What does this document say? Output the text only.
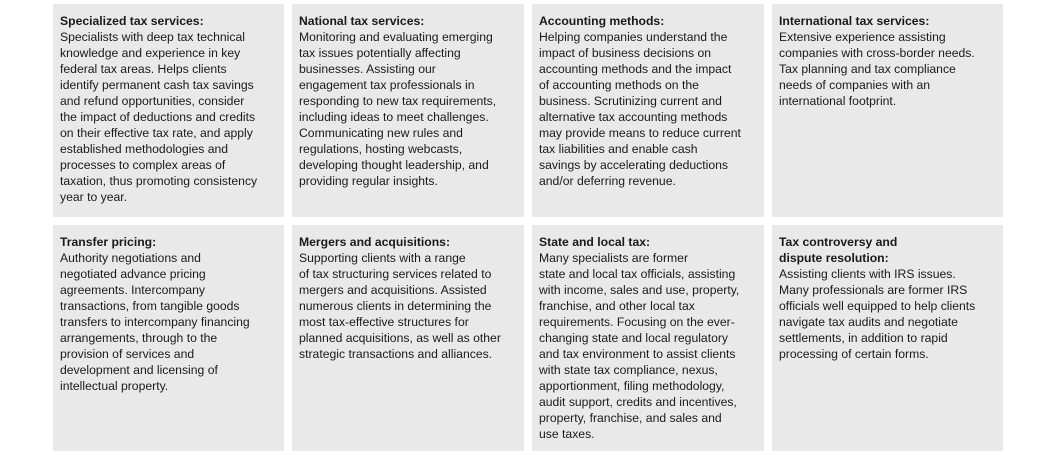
Specialized tax services:
Specialists with deep tax technical
knowledge and experience in key
federal tax areas. Helps clients
identify permanent cash tax savings
and refund opportunities, consider
the impact of deductions and credits
on their effective tax rate, and apply
established methodologies and
processes to complex areas of
taxation, thus promoting consistency
year to year.
National tax services:
Monitoring and evaluating emerging
tax issues potentially affecting
businesses. Assisting our
engagement tax professionals in
responding to new tax requirements,
including ideas to meet challenges.
Communicating new rules and
regulations, hosting webcasts,
developing thought leadership, and
providing regular insights.
Accounting methods:
Helping companies understand the
impact of business decisions on
accounting methods and the impact
of accounting methods on the
business. Scrutinizing current and
alternative tax accounting methods
may provide means to reduce current
tax liabilities and enable cash
savings by accelerating deductions
and/or deferring revenue.
International tax services:
Extensive experience assisting
companies with cross-border needs.
Tax planning and tax compliance
needs of companies with an
international footprint.
Transfer pricing:
Authority negotiations and
negotiated advance pricing
agreements. Intercompany
transactions, from tangible goods
transfers to intercompany financing
arrangements, through to the
provision of services and
development and licensing of
intellectual property.
Mergers and acquisitions:
Supporting clients with a range
of tax structuring services related to
mergers and acquisitions. Assisted
numerous clients in determining the
most tax-effective structures for
planned acquisitions, as well as other
strategic transactions and alliances.
State and local tax:
Many specialists are former
state and local tax officials, assisting
with income, sales and use, property,
franchise, and other local tax
requirements. Focusing on the ever-
changing state and local regulatory
and tax environment to assist clients
with state tax compliance, nexus,
apportionment, filing methodology,
audit support, credits and incentives,
property, franchise, and sales and
use taxes.
Tax controversy and
dispute resolution:
Assisting clients with IRS issues.
Many professionals are former IRS
officials well equipped to help clients
navigate tax audits and negotiate
settlements, in addition to rapid
processing of certain forms.
